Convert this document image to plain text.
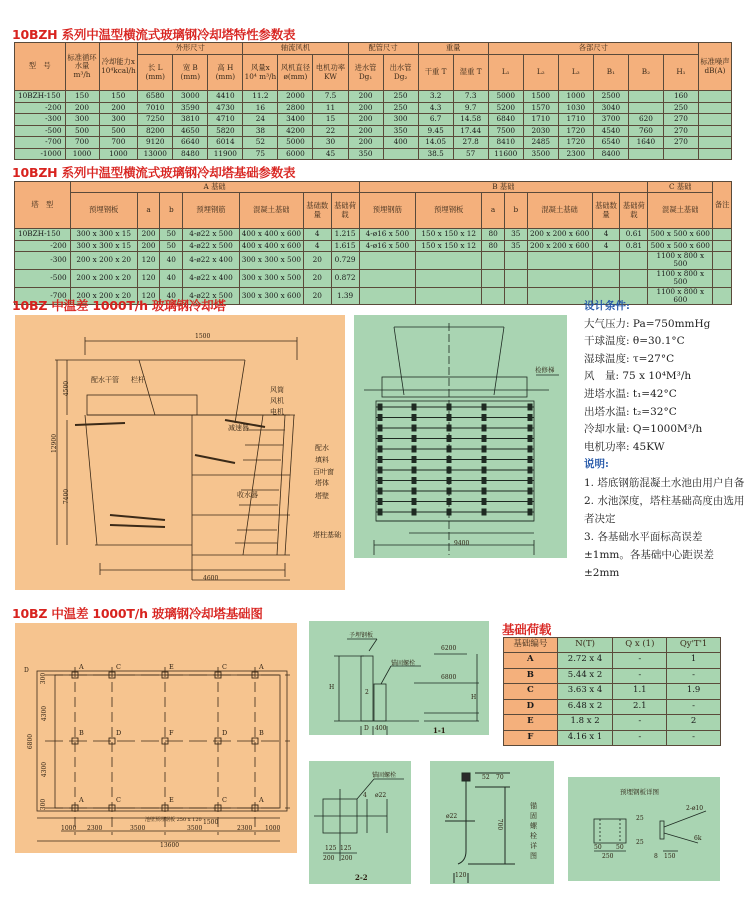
10BZH 系列中温型横流式玻璃钢冷却塔特性参数表
型　号	标准循环水量 m³/h	冷却能力x 10⁴kcal/h	外形尺寸			轴流风机			配管尺寸		重量		各部尺寸						标准噪声 dB(A)
			长 L (mm)	宽 B (mm)	高 H (mm)	风量x 10⁴ m³/h	风机直径 ø(mm)	电机功率 KW	进水管 Dg₁	出水管 Dg₂	干重 T	湿重 T	L₁	L₂	L₃	B₁	B₂	H₁	
10BZH-150	150	150	6580	3000	4410	11.2	2000	7.5	200	250	3.2	7.3	5000	1500	1000	2500		160	
-200	200	200	7010	3590	4730	16	2800	11	200	250	4.3	9.7	5200	1570	1030	3040		250	
-300	300	300	7250	3810	4710	24	3400	15	200	300	6.7	14.58	6840	1710	1710	3700	620	270	
-500	500	500	8200	4650	5820	38	4200	22	200	350	9.45	17.44	7500	2030	1720	4540	760	270	
-700	700	700	9120	6640	6014	52	5000	30	200	400	14.05	27.8	8410	2485	1720	6540	1640	270	
-1000	1000	1000	13000	8480	11900	75	6000	45	350		38.5	57	11600	3500	2300	8400			
10BZH 系列中温型横流式玻璃钢冷却塔基础参数表
塔　型	A 基础							B 基础							C 基础	备注
	预埋钢板	a	b	预埋钢筋	混凝土基础	基础数量	基础荷载	预埋钢筋	预埋钢板	a	b	混凝土基础	基础数量	基础荷载	混凝土基础	
10BZH-150	300 x 300 x 15	200	50	4-ø22 x 500	400 x 400 x 600	4	1.215	4-ø16 x 500	150 x 150 x 12	80	35	200 x 200 x 600	4	0.61	500 x 500 x 600	
-200	300 x 300 x 15	200	50	4-ø22 x 500	400 x 400 x 600	4	1.615	4-ø16 x 500	150 x 150 x 12	80	35	200 x 200 x 600	4	0.81	500 x 500 x 600	
-300	200 x 200 x 20	120	40	4-ø22 x 400	300 x 300 x 500	20	0.729								1100 x 800 x 500	
-500	200 x 200 x 20	120	40	4-ø22 x 400	300 x 300 x 500	20	0.872								1100 x 800 x 500	
-700	200 x 200 x 20	120	40	4-ø22 x 500	300 x 300 x 600	20	1.39								1100 x 800 x 600	
10BZ 中温差 1000T/h 玻璃钢冷却塔
1500
4500
12900
7400
4600
风筒
风机
电机
减速器
配水
填料
百叶窗
塔体
塔壁
收水器
塔柱基础
配水干管 栏杆
检修梯
9400
设计条件:
大气压力: Pa=750mmHg
干球温度: θ=30.1°C
湿球温度: τ=27°C
风　量: 75 x 10⁴M³/h
进塔水温: t₁=42°C
出塔水温: t₂=32°C
冷却水量: Q=1000M³/h
电机功率: 45KW
说明:
1. 塔底钢筋混凝土水池由用户自备
2. 水池深度，塔柱基础高度由选用者决定
3. 各基础水平面标高误差±1mm。各基础中心距误差±2mm
10BZ 中温差 1000T/h 玻璃钢冷却塔基础图
A	C	E	C	A
B	D	F	D	B
A	C	E	C	A
D
300
4300
6800
4300
300
池壁预埋钢板 250 x 120 1500
1000 2300	3500	3500	2300 1000
13600
予埋钢板
锚固螺栓
2
H
D 400
6200
6800
H
1-1
锚固螺栓
4 ø22
125 125
200 200
2-2
52 70
ø22
700
120
锚固螺栓详图
预埋钢板详图
2-ø10
6k
50 50
250	8 150
25
25
基础荷载
基础编号	N(T)	Q x (1)	Qy'T'1
A	2.72 x 4	-	1
B	5.44 x 2	-	-
C	3.63 x 4	1.1	1.9
D	6.48 x 2	2.1	-
E	1.8 x 2	-	2
F	4.16 x 1	-	-
